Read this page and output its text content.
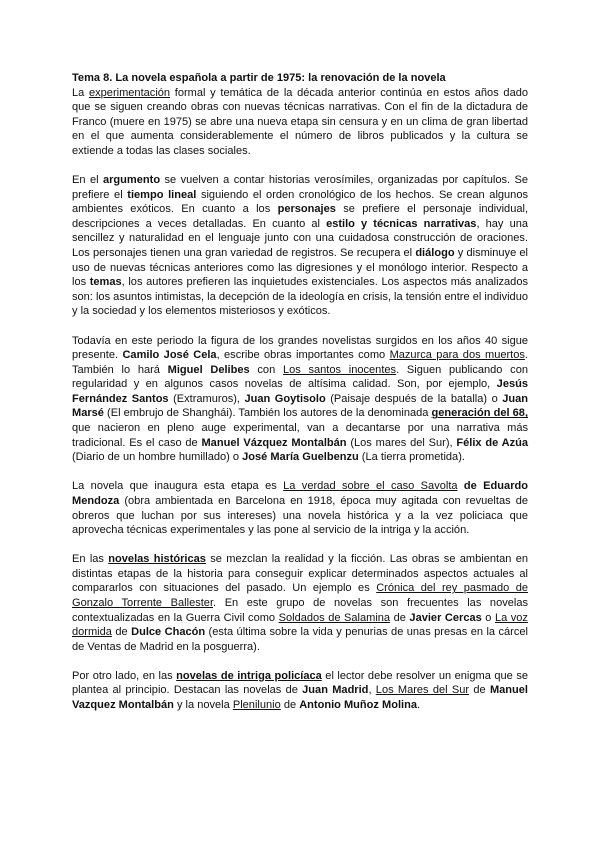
Tema 8. La novela española a partir de 1975: la renovación de la novela
La experimentación formal y temática de la década anterior continúa en estos años dado que se siguen creando obras con nuevas técnicas narrativas. Con el fin de la dictadura de Franco (muere en 1975) se abre una nueva etapa sin censura y en un clima de gran libertad en el que aumenta considerablemente el número de libros publicados y la cultura se extiende a todas las clases sociales.

En el argumento se vuelven a contar historias verosímiles, organizadas por capítulos. Se prefiere el tiempo lineal siguiendo el orden cronológico de los hechos. Se crean algunos ambientes exóticos. En cuanto a los personajes se prefiere el personaje individual, descripciones a veces detalladas. En cuanto al estilo y técnicas narrativas, hay una sencillez y naturalidad en el lenguaje junto con una cuidadosa construcción de oraciones. Los personajes tienen una gran variedad de registros. Se recupera el diálogo y disminuye el uso de nuevas técnicas anteriores como las digresiones y el monólogo interior. Respecto a los temas, los autores prefieren las inquietudes existenciales. Los aspectos más analizados son: los asuntos intimistas, la decepción de la ideología en crisis, la tensión entre el individuo y la sociedad y los elementos misteriosos y exóticos.

Todavía en este periodo la figura de los grandes novelistas surgidos en los años 40 sigue presente. Camilo José Cela, escribe obras importantes como Mazurca para dos muertos. También lo hará Miguel Delibes con Los santos inocentes. Siguen publicando con regularidad y en algunos casos novelas de altísima calidad. Son, por ejemplo, Jesús Fernández Santos (Extramuros), Juan Goytisolo (Paisaje después de la batalla) o Juan Marsé (El embrujo de Shanghái). También los autores de la denominada generación del 68, que nacieron en pleno auge experimental, van a decantarse por una narrativa más tradicional. Es el caso de Manuel Vázquez Montalbán (Los mares del Sur), Félix de Azúa (Diario de un hombre humillado) o José María Guelbenzu (La tierra prometida).

La novela que inaugura esta etapa es La verdad sobre el caso Savolta de Eduardo Mendoza (obra ambientada en Barcelona en 1918, época muy agitada con revueltas de obreros que luchan por sus intereses) una novela histórica y a la vez policiaca que aprovecha técnicas experimentales y las pone al servicio de la intriga y la acción.

En las novelas históricas se mezclan la realidad y la ficción. Las obras se ambientan en distintas etapas de la historia para conseguir explicar determinados aspectos actuales al compararlos con situaciones del pasado. Un ejemplo es Crónica del rey pasmado de Gonzalo Torrente Ballester. En este grupo de novelas son frecuentes las novelas contextualizadas en la Guerra Civil como Soldados de Salamina de Javier Cercas o La voz dormida de Dulce Chacón (esta última sobre la vida y penurias de unas presas en la cárcel de Ventas de Madrid en la posguerra).

Por otro lado, en las novelas de intriga policíaca el lector debe resolver un enigma que se plantea al principio. Destacan las novelas de Juan Madrid, Los Mares del Sur de Manuel Vazquez Montalbán y la novela Plenilunio de Antonio Muñoz Molina.
